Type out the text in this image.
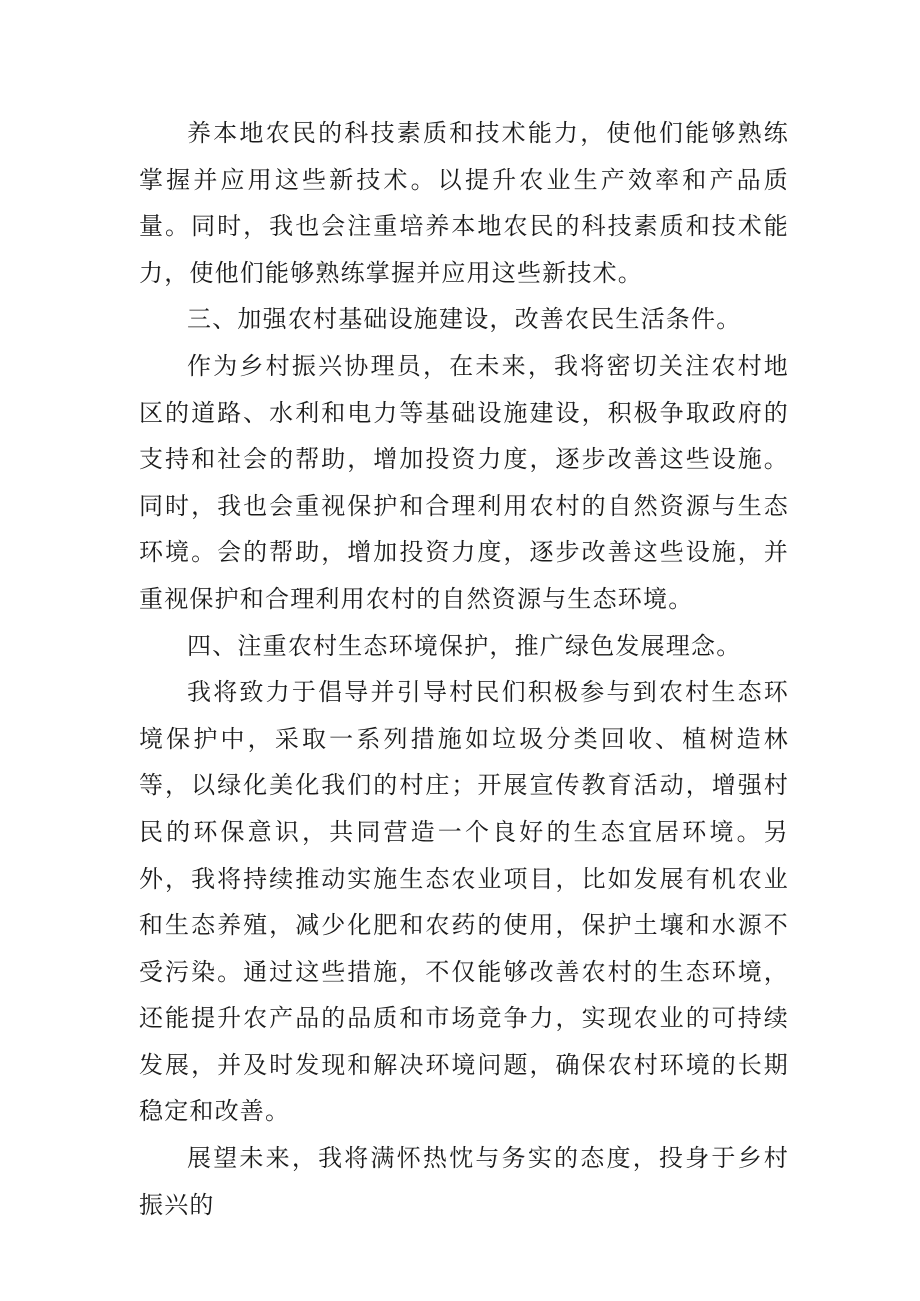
养本地农民的科技素质和技术能力，使他们能够熟练掌握并应用这些新技术。以提升农业生产效率和产品质量。同时，我也会注重培养本地农民的科技素质和技术能力，使他们能够熟练掌握并应用这些新技术。

三、加强农村基础设施建设，改善农民生活条件。

作为乡村振兴协理员，在未来，我将密切关注农村地区的道路、水利和电力等基础设施建设，积极争取政府的支持和社会的帮助，增加投资力度，逐步改善这些设施。同时，我也会重视保护和合理利用农村的自然资源与生态环境。会的帮助，增加投资力度，逐步改善这些设施，并重视保护和合理利用农村的自然资源与生态环境。

四、注重农村生态环境保护，推广绿色发展理念。

我将致力于倡导并引导村民们积极参与到农村生态环境保护中，采取一系列措施如垃圾分类回收、植树造林等，以绿化美化我们的村庄；开展宣传教育活动，增强村民的环保意识，共同营造一个良好的生态宜居环境。另外，我将持续推动实施生态农业项目，比如发展有机农业和生态养殖，减少化肥和农药的使用，保护土壤和水源不受污染。通过这些措施，不仅能够改善农村的生态环境，还能提升农产品的品质和市场竞争力，实现农业的可持续发展，并及时发现和解决环境问题，确保农村环境的长期稳定和改善。

展望未来，我将满怀热忱与务实的态度，投身于乡村振兴的
